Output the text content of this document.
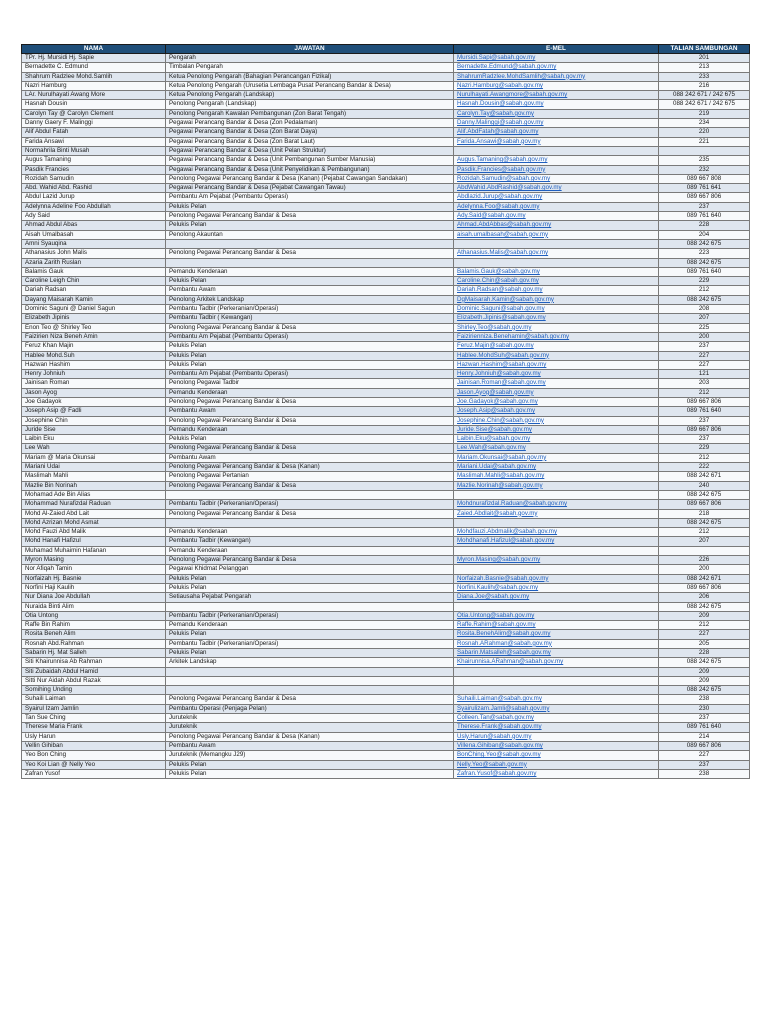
NAMA	JAWATAN	E-MEL	TALIAN SAMBUNGAN
TPr. Hj. Mursidi Hj. Sapie	Pengarah	Mursidi.Sapi@sabah.gov.my	201
Bernadette C. Edmund	Timbalan Pengarah	Bernadette.Edmund@sabah.gov.my	213
Shahrum Radzlee Mohd.Samlih	Ketua Penolong Pengarah (Bahagian Perancangan Fizikal)	ShahrumRadzlee.MohdSamlih@sabah.gov.my	233
Nazri Hamburg	Ketua Penolong Pengarah (Urusetia Lembaga Pusat Perancang Bandar & Desa)	Nazri.Hamburg@sabah.gov.my	216
LAr. Nurulhayati Awang More	Ketua Penolong Pengarah (Landskap)	Nurulhayati.Awangmore@sabah.gov.my	088 242 671 / 242 675
Hasnah Dousin	Penolong Pengarah (Landskap)	Hasnah.Dousin@sabah.gov.my	088 242 671 / 242 675
Carolyn Tay @ Carolyn Clement	Penolong Pengarah Kawalan Pembangunan (Zon Barat Tengah)	Carolyn.Tay@sabah.gov.my	219
Danny Gaery F. Malinggi	Pegawai Perancang Bandar & Desa (Zon Pedalaman)	Danny.Malinggi@sabah.gov.my	234
Alif Abdul Fatah	Pegawai Perancang Bandar & Desa (Zon Barat Daya)	Alif.AbdFatah@sabah.gov.my	220
Farida Ansawi	Pegawai Perancang Bandar & Desa (Zon Barat Laut)	Farida.Ansawi@sabah.gov.my	221
Normahrila Binti Musah	Pegawai Perancang Bandar & Desa (Unit Pelan Struktur)		
Augus Tamaning	Pegawai Perancang Bandar & Desa (Unit Pembangunan Sumber Manusia)	Augus.Tamaning@sabah.gov.my	235
Pasdik Francies	Pegawai Perancang Bandar & Desa (Unit Penyelidikan & Pembangunan)	Pasdik.Francies@sabah.gov.my	232
Rozidah Samudin	Penolong Pegawai Perancang Bandar & Desa (Kanan) (Pejabat Cawangan Sandakan)	Rozidah.Samudin@sabah.gov.my	089 667 808
Abd. Wahid Abd. Rashid	Pegawai Perancang Bandar & Desa (Pejabat Cawangan Tawau)	AbdWahid.AbdRashid@sabah.gov.my	089 761 641
Abdul Lazid Jurup	Pembantu Am Pejabat (Pembantu Operasi)	Abdlazid.Jurup@sabah.gov.my	089 667 806
Adelynna Adeline Foo Abdullah	Pelukis Pelan	Adelynna.Foo@sabah.gov.my	237
Ady Said	Penolong Pegawai Perancang Bandar & Desa	Ady.Said@sabah.gov.my	089 761 640
Ahmad Abdul Abas	Pelukis Pelan	Ahmad.AbdAbbas@sabah.gov.my	228
Aisah Umalbasah	Penolong Akauntan	aisah.umalbasah@sabah.gov.my	204
Amni Syauqina			088 242 675
Athanasius John Malis	Penolong Pegawai Perancang Bandar & Desa	Athanasius.Malis@sabah.gov.my	223
Azaria Zarith Ruslan			088 242 675
Balamis Gauk	Pemandu Kenderaan	Balamis.Gauk@sabah.gov.my	089 761 640
Caroline Leigh Chin	Pelukis Pelan	Caroline.Chin@sabah.gov.my	229
Dariah Radsan	Pembantu Awam	Dariah.Radsan@sabah.gov.my	212
Dayang Maisarah Kamin	Penolong Arkitek Landskap	DgMaisarah.Kamin@sabah.gov.my	088 242 675
Dominic Saguni @ Daniel Sagun	Pembantu Tadbir (Perkeranian/Operasi)	Dominic.Saguni@sabah.gov.my	208
Elizabeth Jipinis	Pembantu Tadbir ( Kewangan)	Elizabeth.Jipinis@sabah.gov.my	207
Enon Teo @ Shirley Teo	Penolong Pegawai Perancang Bandar & Desa	Shirley.Teo@sabah.gov.my	225
Faizirien Niza Beneh Amin	Pembantu Am Pejabat (Pembantu Operasi)	Faizirienniza.Benehamin@sabah.gov.my	200
Feruz Khan Majin	Pelukis Pelan	Feruz.Majin@sabah.gov.my	237
Hablee Mohd.Suh	Pelukis Pelan	Hablee.MohdSuh@sabah.gov.my	227
Hazwan Hashim	Pelukis Pelan	Hazwan.Hashim@sabah.gov.my	227
Henry Johniuh	Pembantu Am Pejabat (Pembantu Operasi)	Henry.Johniuh@sabah.gov.my	121
Jainisan Roman	Penolong Pegawai Tadbir	Jainisan.Roman@sabah.gov.my	203
Jason Ayog	Pemandu Kenderaan	Jason.Ayog@sabah.gov.my	212
Joe Gadayok	Penolong Pegawai Perancang Bandar & Desa	Joe.Gadayok@sabah.gov.my	089 667 806
Joseph Asip @ Fadli	Pembantu Awam	Joseph.Asip@sabah.gov.my	089 761 640
Josephine Chin	Penolong Pegawai Perancang Bandar & Desa	Josephine.Chin@sabah.gov.my	237
Juride Sise	Pemandu Kenderaan	Juride.Sise@sabah.gov.my	089 667 806
Laibin Eku	Pelukis Pelan	Laibin.Eku@sabah.gov.my	237
Lee Wah	Penolong Pegawai Perancang Bandar & Desa	Lee.Wah@sabah.gov.my	229
Mariam @ Maria Okunsai	Pembantu Awam	Mariam.Okunsai@sabah.gov.my	212
Mariani Udai	Penolong Pegawai Perancang Bandar & Desa (Kanan)	Mariani.Udai@sabah.gov.my	222
Maslimah Mahli	Penolong Pegawai Pertanian	Maslimah.Mahli@sabah.gov.my	088 242 671
Mazlie Bin Norinah	Penolong Pegawai Perancang Bandar & Desa	Mazlie.Norinah@sabah.gov.my	240
Mohamad Ade Bin Alias			088 242 675
Mohammad Nurafizdal Raduan	Pembantu Tadbir (Perkeranian/Operasi)	Mohdnurafizdal.Raduan@sabah.gov.my	089 667 806
Mohd Al-Zaied Abd Lait	Penolong Pegawai Perancang Bandar & Desa	Zaied.Abdlait@sabah.gov.my	218
Mohd Azrizan Mohd Asmat			088 242 675
Mohd Fauzi Abd Malik	Pemandu Kenderaan	Mohdfauzi.Abdmalik@sabah.gov.my	212
Mohd Hanafi Hafizul	Pembantu Tadbir (Kewangan)	Mohdhanafi.Hafizul@sabah.gov.my	207
Muhamad Muhaimin Hafanan	Pemandu Kenderaan		
Myron Masing	Penolong Pegawai Perancang Bandar & Desa	Myron.Masing@sabah.gov.my	226
Nor Afiqah Tamin	Pegawai Khidmat Pelanggan		200
Norfaizah Hj. Basnie	Pelukis Pelan	Norfaizah.Basnie@sabah.gov.my	088 242 671
Norfini Haji Kaulih	Pelukis Pelan	Norfini.Kaulih@sabah.gov.my	089 667 806
Nur Diana Joe Abdullah	Setiausaha Pejabat Pengarah	Diana.Joe@sabah.gov.my	206
Nuraida Binti Alim			088 242 675
Otia Untong	Pembantu Tadbir (Perkeranian/Operasi)	Otia.Untong@sabah.gov.my	209
Raffe Bin Rahim	Pemandu Kenderaan	Raffe.Rahim@sabah.gov.my	212
Rosita Beneh Alim	Pelukis Pelan	Rosita.BenehAlim@sabah.gov.my	227
Rosnah Abd.Rahman	Pembantu Tadbir (Perkeranian/Operasi)	Rosnah.ARahman@sabah.gov.my	205
Sabarin Hj. Mat Salleh	Pelukis Pelan	Sabarin.Matsalleh@sabah.gov.my	228
Siti Khairunnisa Ab Rahman	Arkitek Landskap	Khairunnisa.ARahman@sabah.gov.my	088 242 675
Siti Zubaidah Abdul Hamid			209
Sitti Nur Aidah Abdul Razak			209
Somihing Unding			088 242 675
Suhaili Laiman	Penolong Pegawai Perancang Bandar & Desa	Suhaili.Laiman@sabah.gov.my	238
Syairul Izam Jamlin	Pembantu Operasi (Penjaga Pelan)	Syairulizam.Jamli@sabah.gov.my	230
Tan Sue Ching	Juruteknik	Colleen.Tan@sabah.gov.my	237
Therese Maria Frank	Juruteknik	Therese.Frank@sabah.gov.my	089 761 640
Usly Harun	Penolong Pegawai Perancang Bandar & Desa (Kanan)	Usly.Harun@sabah.gov.my	214
Vellin Gihiban	Pembantu Awam	Villena.Gihiban@sabah.gov.my	089 667 806
Yeo Bon Ching	Juruteknik (Memangku J29)	BonChing.Yeo@sabah.gov.my	227
Yeo Koi Lian @ Nelly Yeo	Pelukis Pelan	Nelly.Yeo@sabah.gov.my	237
Zafran Yusof	Pelukis Pelan	Zafran.Yusof@sabah.gov.my	238
